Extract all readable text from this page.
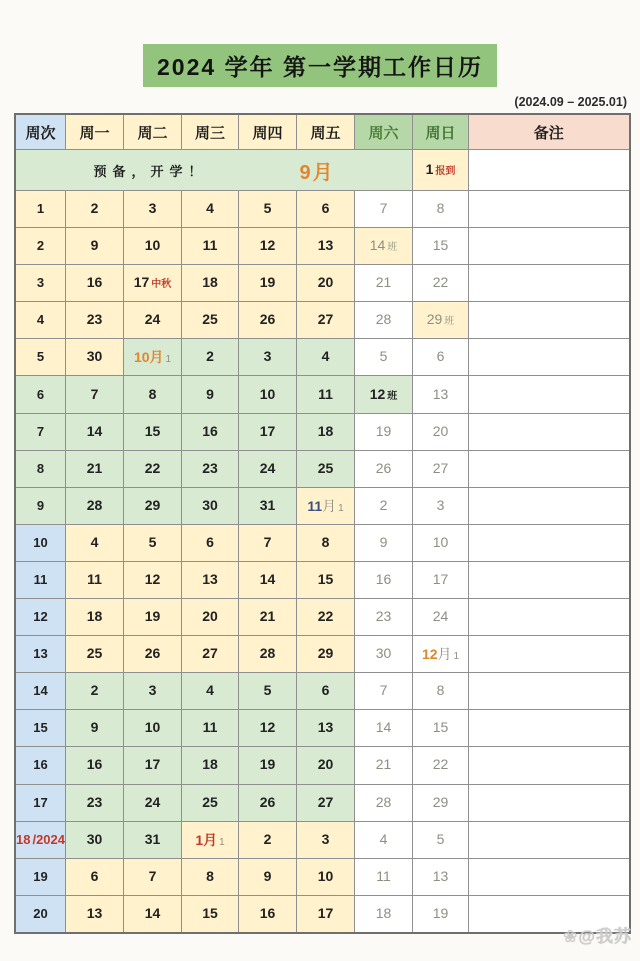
2024 学年 第一学期工作日历
(2024.09 – 2025.01)
周次	周一	周二	周三	周四	周五	周六	周日	备注

预备，开学！ 9月							1 报到	
1	2	3	4	5	6	7	8	
2	9	10	11	12	13	14 班	15	
3	16	17 中秋	18	19	20	21	22	
4	23	24	25	26	27	28	29 班	
5	30	10月 1	2	3	4	5	6	
6	7	8	9	10	11	12 班	13	
7	14	15	16	17	18	19	20	
8	21	22	23	24	25	26	27	
9	28	29	30	31	11月 1	2	3	
10	4	5	6	7	8	9	10	
11	11	12	13	14	15	16	17	
12	18	19	20	21	22	23	24	
13	25	26	27	28	29	30	12月 1	
14	2	3	4	5	6	7	8	
15	9	10	11	12	13	14	15	
16	16	17	18	19	20	21	22	
17	23	24	25	26	27	28	29	
18 /2024	30	31	1月 1	2	3	4	5	
19	6	7	8	9	10	11	13	
20	13	14	15	16	17	18	19	
❀@我苏
